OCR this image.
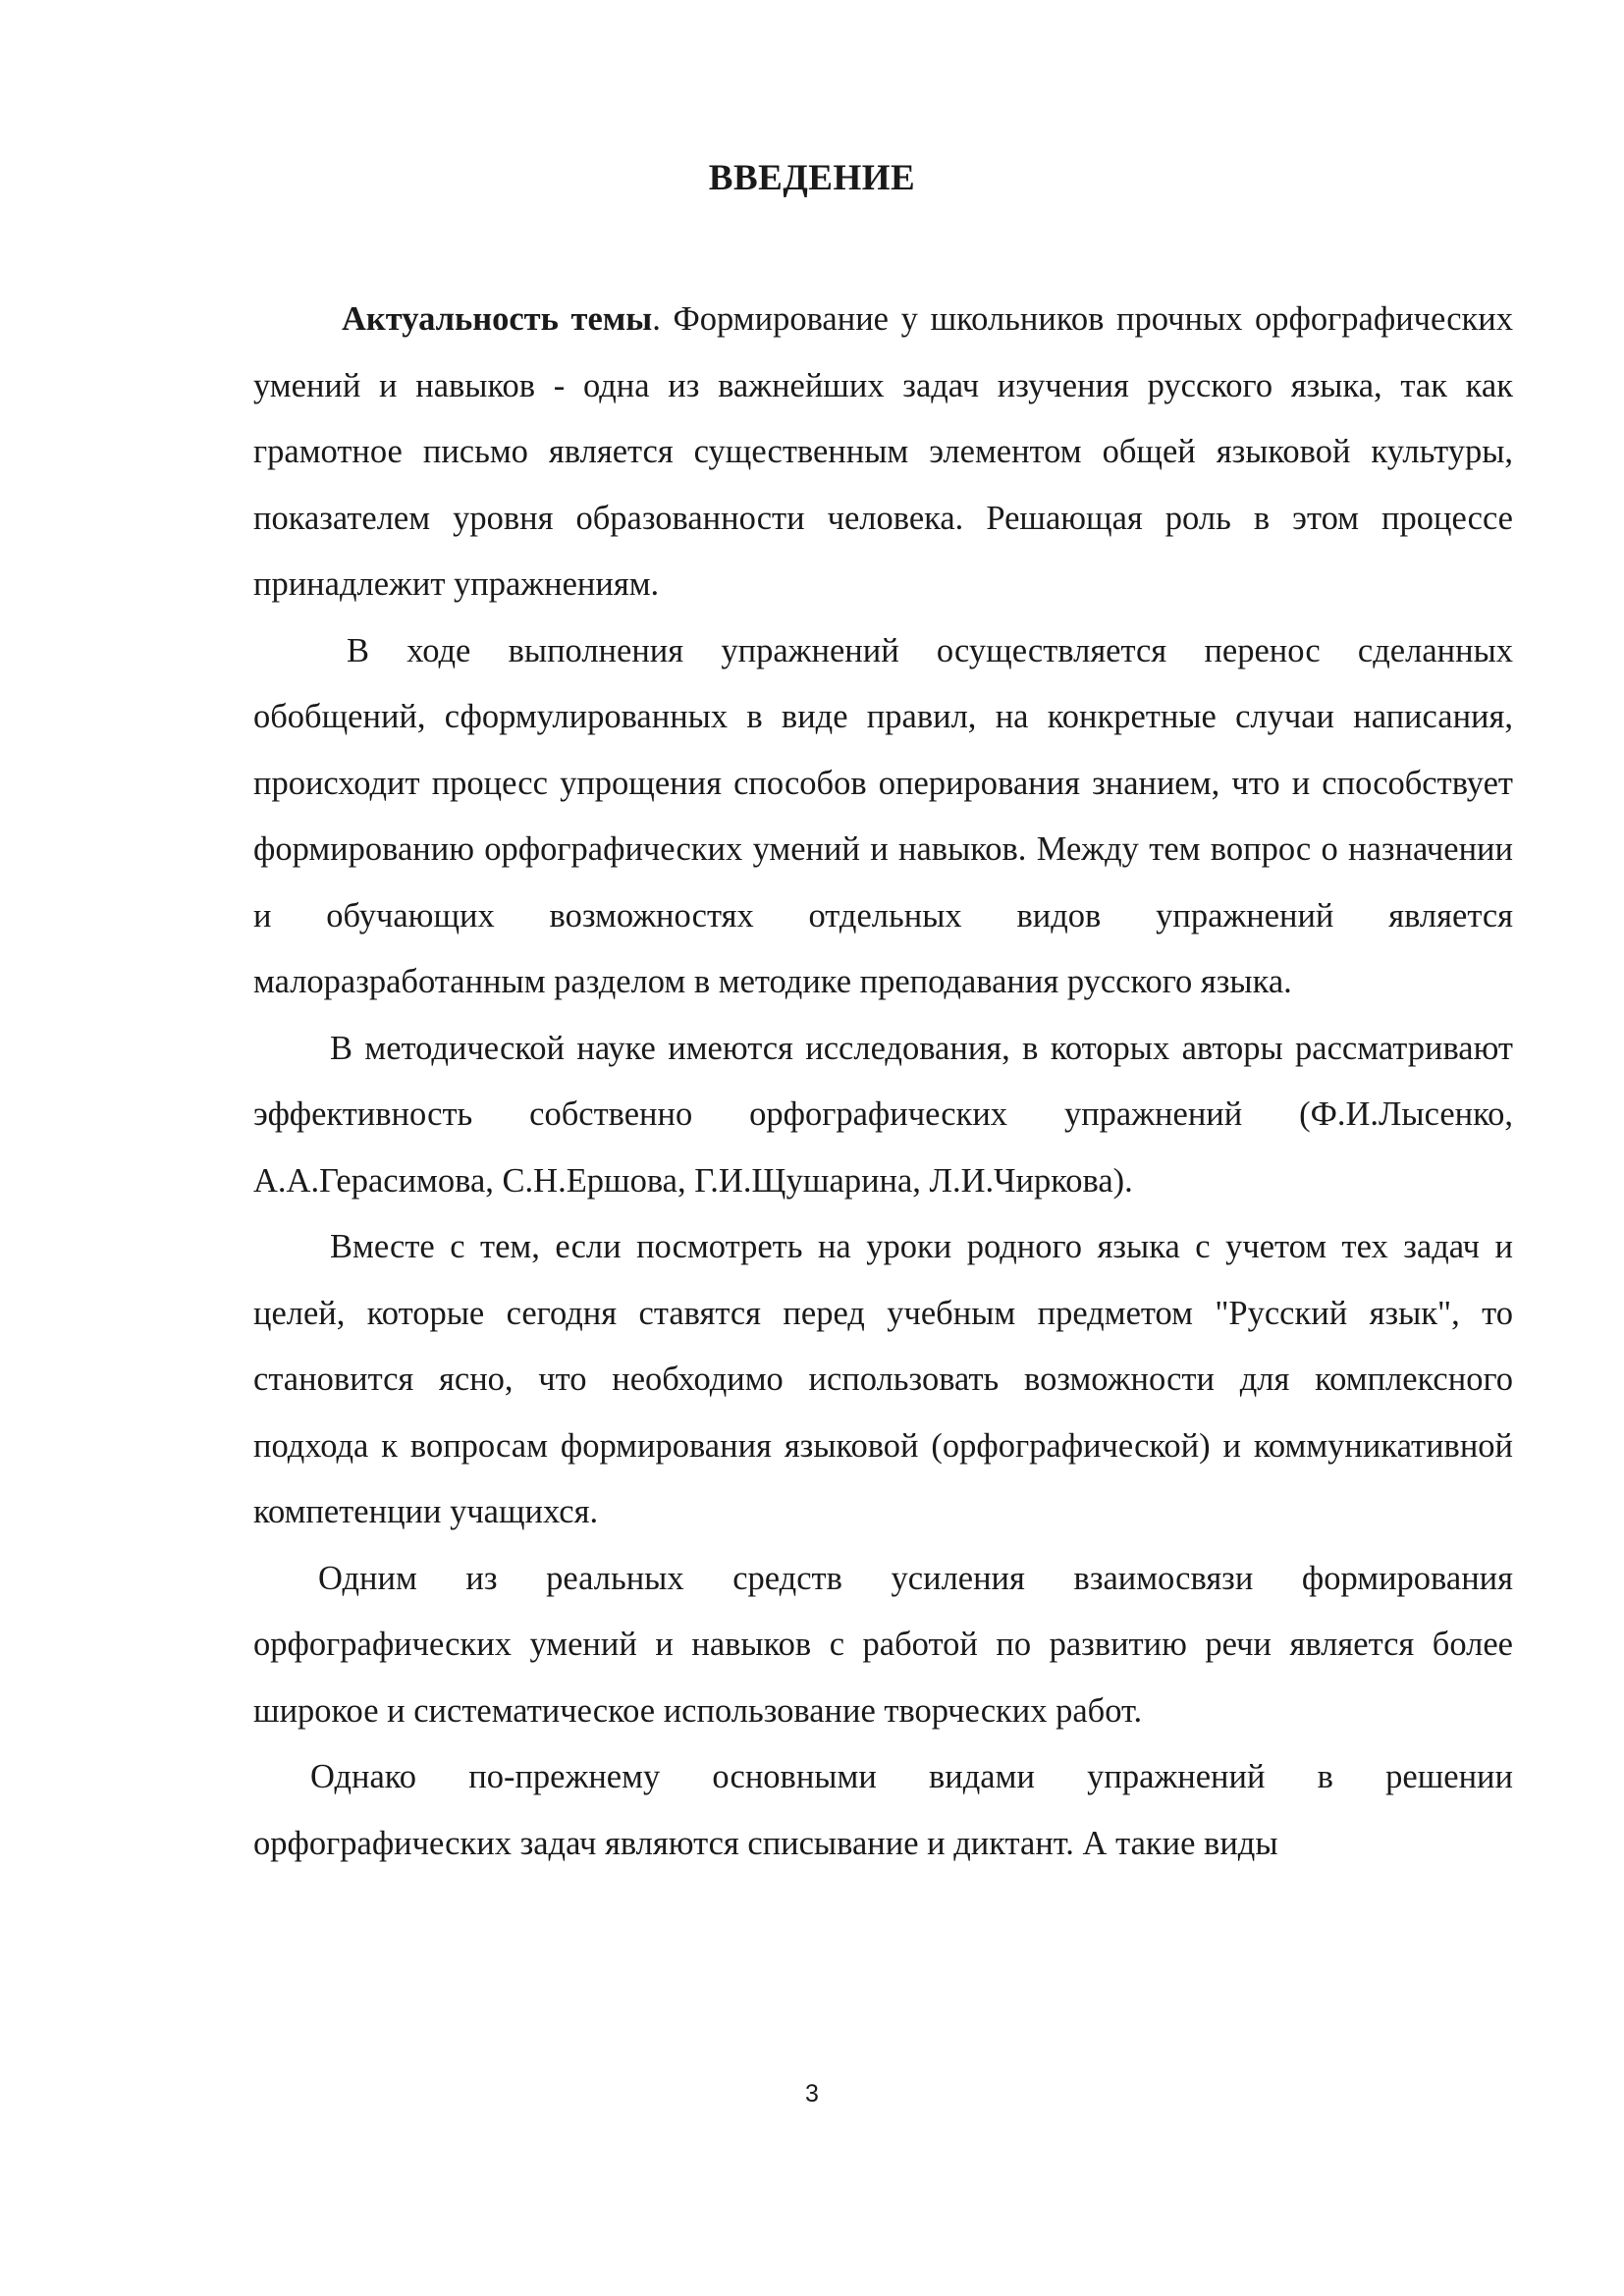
ВВЕДЕНИЕ

Актуальность темы. Формирование у школьников прочных орфографических умений и навыков - одна из важнейших задач изучения русского языка, так как грамотное письмо является существенным элементом общей языковой культуры, показателем уровня образованности человека. Решающая роль в этом процессе принадлежит упражнениям.

В ходе выполнения упражнений осуществляется перенос сделанных обобщений, сформулированных в виде правил, на конкретные случаи написания, происходит процесс упрощения способов оперирования знанием, что и способствует формированию орфографических умений и навыков. Между тем вопрос о назначении и обучающих возможностях отдельных видов упражнений является малоразработанным разделом в методике преподавания русского языка.

В методической науке имеются исследования, в которых авторы рассматривают эффективность собственно орфографических упражнений (Ф.И.Лысенко, А.А.Герасимова, С.Н.Ершова, Г.И.Щушарина, Л.И.Чиркова).

Вместе с тем, если посмотреть на уроки родного языка с учетом тех задач и целей, которые сегодня ставятся перед учебным предметом "Русский язык", то становится ясно, что необходимо использовать возможности для комплексного подхода к вопросам формирования языковой (орфографической) и коммуникативной компетенции учащихся.

Одним из реальных средств усиления взаимосвязи формирования орфографических умений и навыков с работой по развитию речи является более широкое и систематическое использование творческих работ.

Однако по-прежнему основными видами упражнений в решении орфографических задач являются списывание и диктант. А такие виды

3
